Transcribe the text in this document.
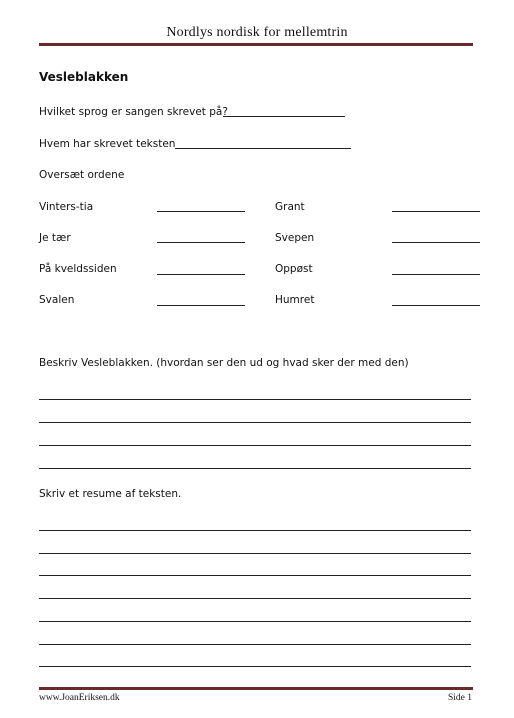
Nordlys nordisk for mellemtrin
Vesleblakken
Hvilket sprog er sangen skrevet på?
Hvem har skrevet teksten
Oversæt ordene
Vinters-tia
Je tær
På kveldssiden
Svalen
Grant
Svepen
Oppøst
Humret
Beskriv Vesleblakken. (hvordan ser den ud og hvad sker der med den)
Skriv et resume af teksten.
www.JoanEriksen.dk	Side 1
